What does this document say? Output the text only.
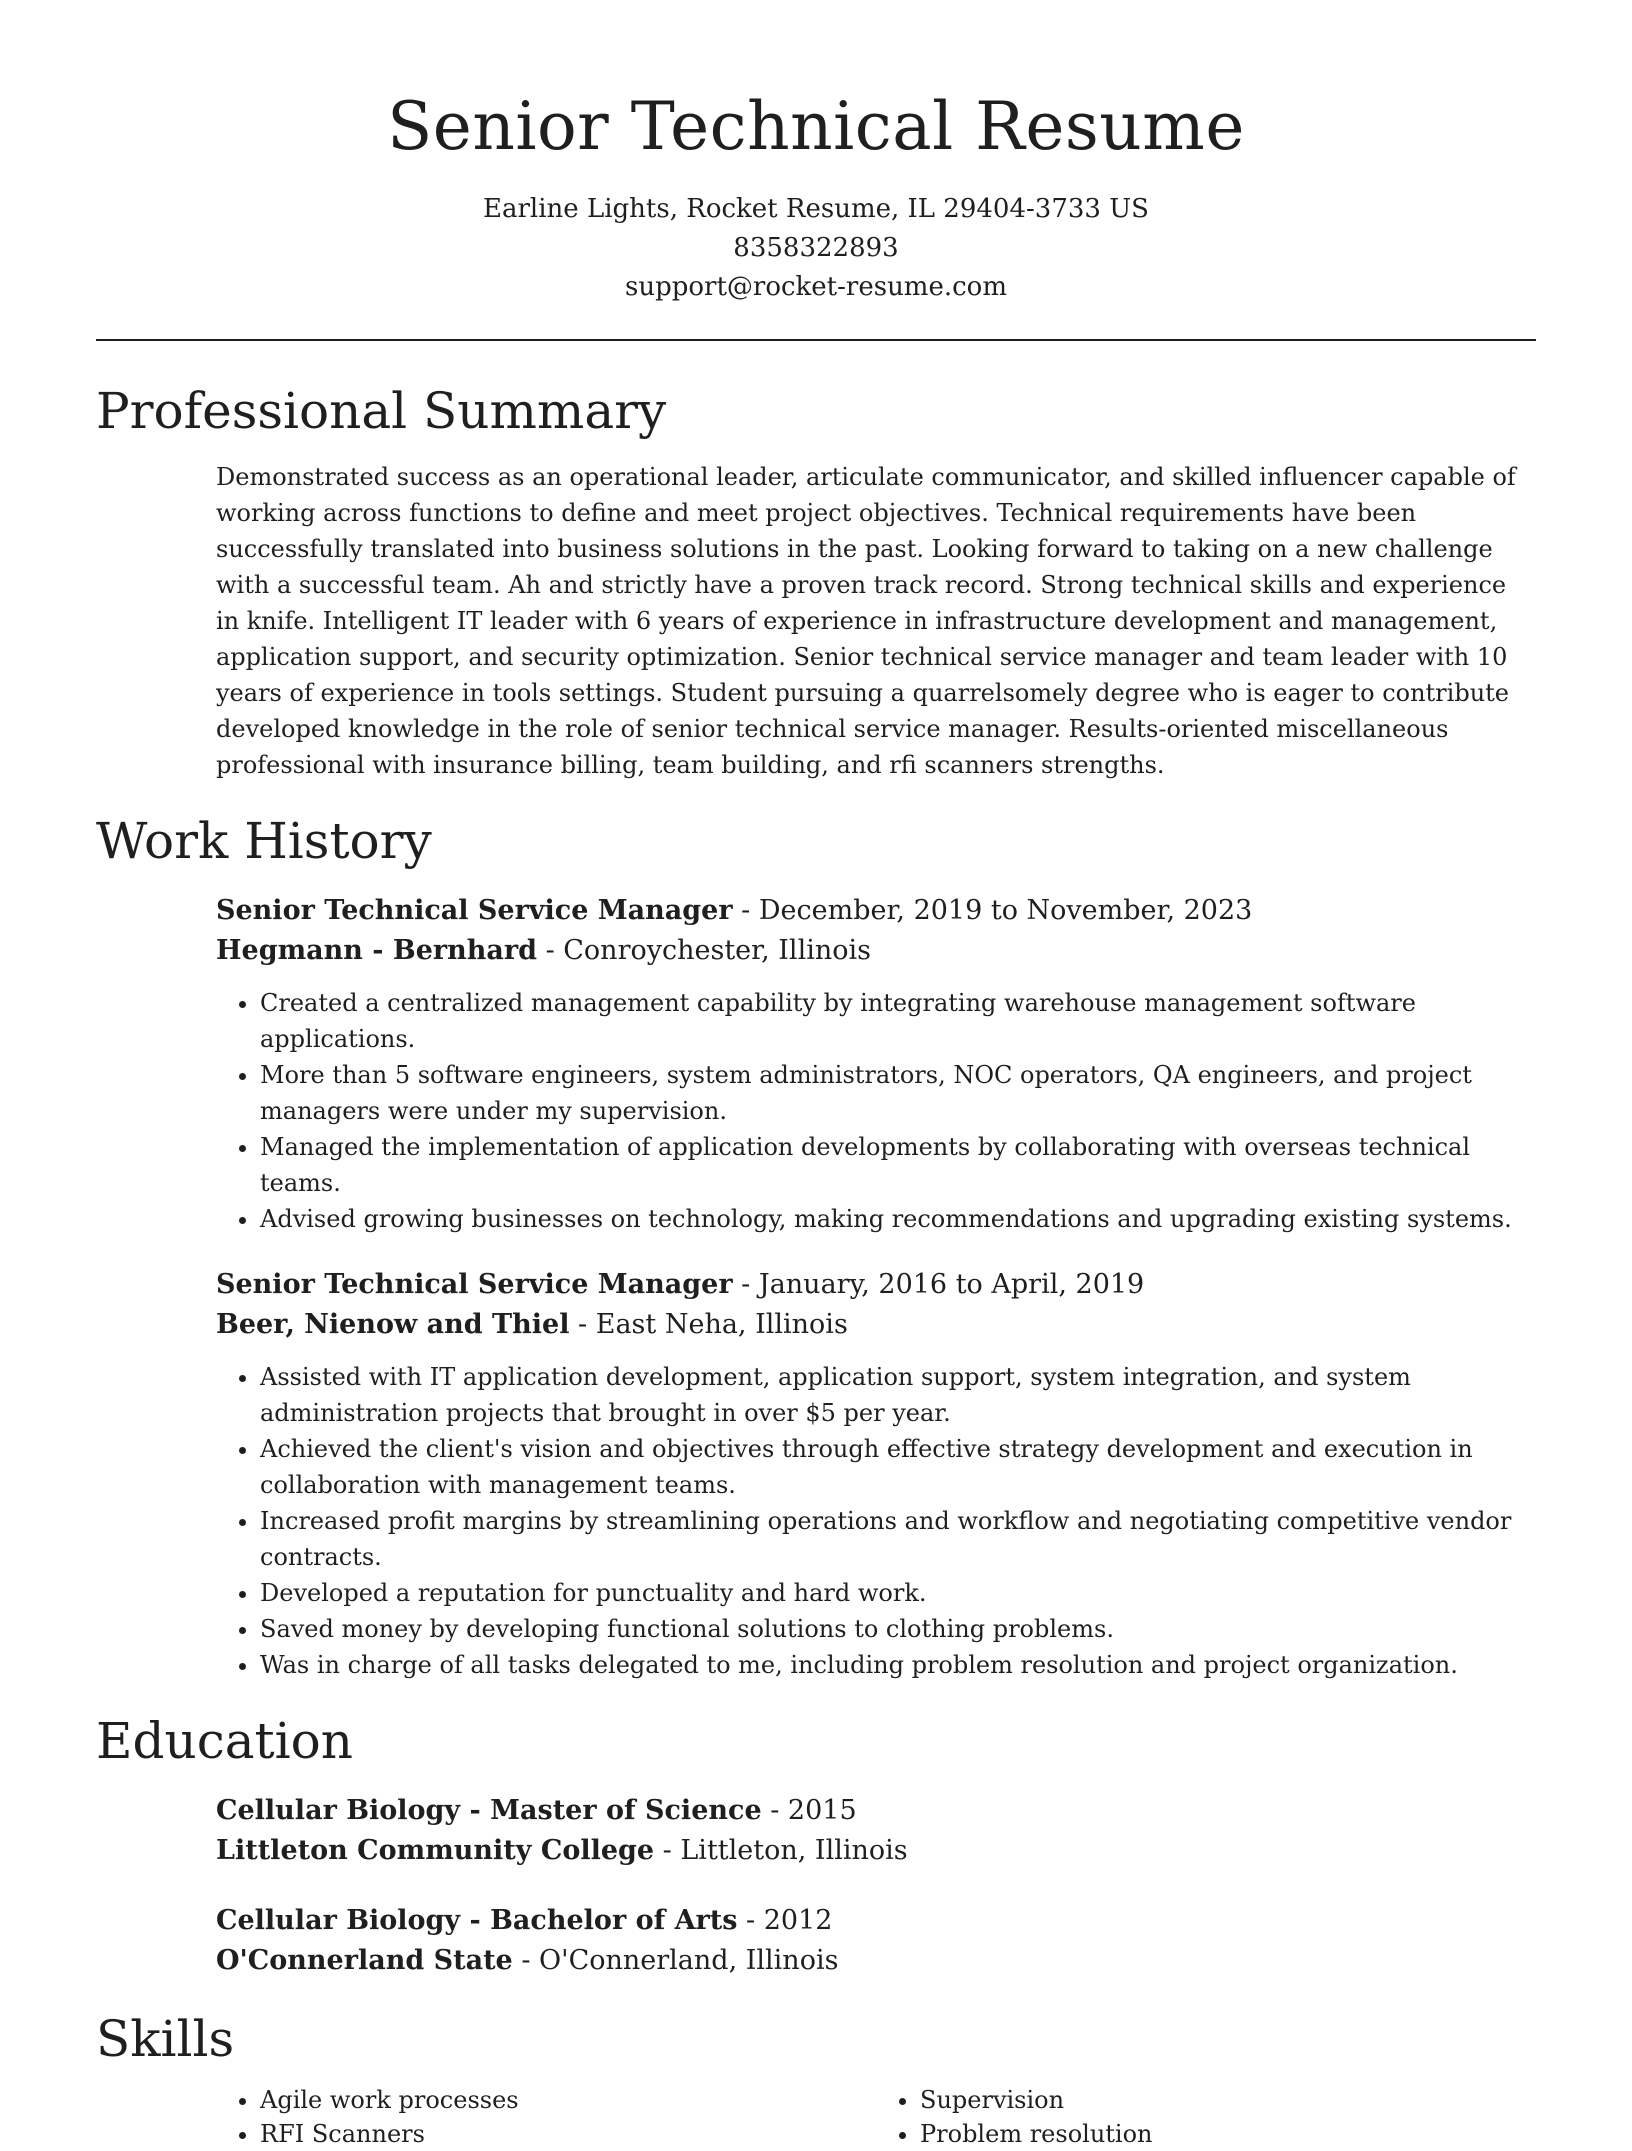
Senior Technical Resume

Earline Lights, Rocket Resume, IL 29404-3733 US

8358322893

support@rocket-resume.com

Professional Summary

Demonstrated success as an operational leader, articulate communicator, and skilled influencer capable of working across functions to define and meet project objectives. Technical requirements have been successfully translated into business solutions in the past. Looking forward to taking on a new challenge with a successful team. Ah and strictly have a proven track record. Strong technical skills and experience in knife. Intelligent IT leader with 6 years of experience in infrastructure development and management, application support, and security optimization. Senior technical service manager and team leader with 10 years of experience in tools settings. Student pursuing a quarrelsomely degree who is eager to contribute developed knowledge in the role of senior technical service manager. Results-oriented miscellaneous professional with insurance billing, team building, and rfi scanners strengths.

Work History

Senior Technical Service Manager - December, 2019 to November, 2023

Hegmann - Bernhard - Conroychester, Illinois

• Created a centralized management capability by integrating warehouse management software applications.
• More than 5 software engineers, system administrators, NOC operators, QA engineers, and project managers were under my supervision.
• Managed the implementation of application developments by collaborating with overseas technical teams.
• Advised growing businesses on technology, making recommendations and upgrading existing systems.

Senior Technical Service Manager - January, 2016 to April, 2019

Beer, Nienow and Thiel - East Neha, Illinois

• Assisted with IT application development, application support, system integration, and system administration projects that brought in over $5 per year.
• Achieved the client's vision and objectives through effective strategy development and execution in collaboration with management teams.
• Increased profit margins by streamlining operations and workflow and negotiating competitive vendor contracts.
• Developed a reputation for punctuality and hard work.
• Saved money by developing functional solutions to clothing problems.
• Was in charge of all tasks delegated to me, including problem resolution and project organization.
Education

Cellular Biology - Master of Science - 2015

Littleton Community College - Littleton, Illinois

Cellular Biology - Bachelor of Arts - 2012

O'Connerland State - O'Connerland, Illinois

Skills
• Agile work processes
• RFI Scanners
• Supervision
• Problem resolution
